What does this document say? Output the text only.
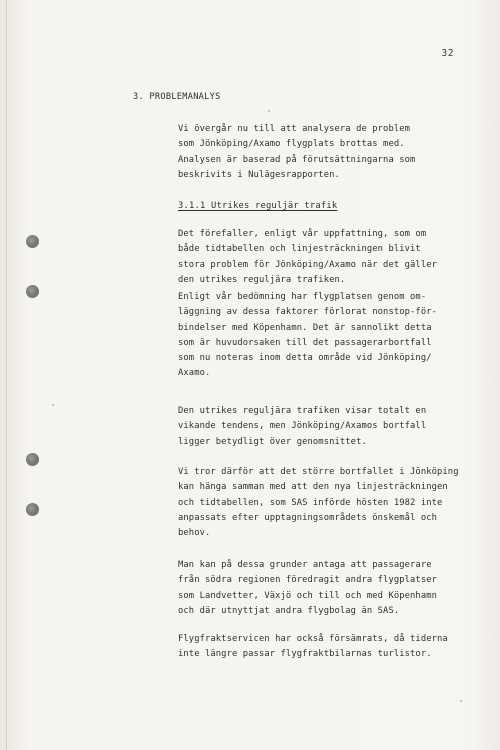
32
3. PROBLEMANALYS

Vi övergår nu till att analysera de problem
som Jönköping/Axamo flygplats brottas med.
Analysen är baserad på förutsättningarna som
beskrivits i Nulägesrapporten.

3.1.1 Utrikes reguljär trafik

Det förefaller, enligt vår uppfattning, som om
både tidtabellen och linjesträckningen blivit
stora problem för Jönköping/Axamo när det gäller
den utrikes reguljära trafiken.

Enligt vår bedömning har flygplatsen genom om-
läggning av dessa faktorer förlorat nonstop-för-
bindelser med Köpenhamn. Det är sannolikt detta
som är huvudorsaken till det passagerarbortfall
som nu noteras inom detta område vid Jönköping/
Axamo.

Den utrikes reguljära trafiken visar totalt en
vikande tendens, men Jönköping/Axamos bortfall
ligger betydligt över genomsnittet.

Vi tror därför att det större bortfallet i Jönköping
kan hänga samman med att den nya linjesträckningen
och tidtabellen, som SAS införde hösten 1982 inte
anpassats efter upptagningsområdets önskemål och
behov.

Man kan på dessa grunder antaga att passagerare
från södra regionen föredragit andra flygplatser
som Landvetter, Växjö och till och med Köpenhamn
och där utnyttjat andra flygbolag än SAS.

Flygfraktservicen har också försämrats, då tiderna
inte längre passar flygfraktbilarnas turlistor.
